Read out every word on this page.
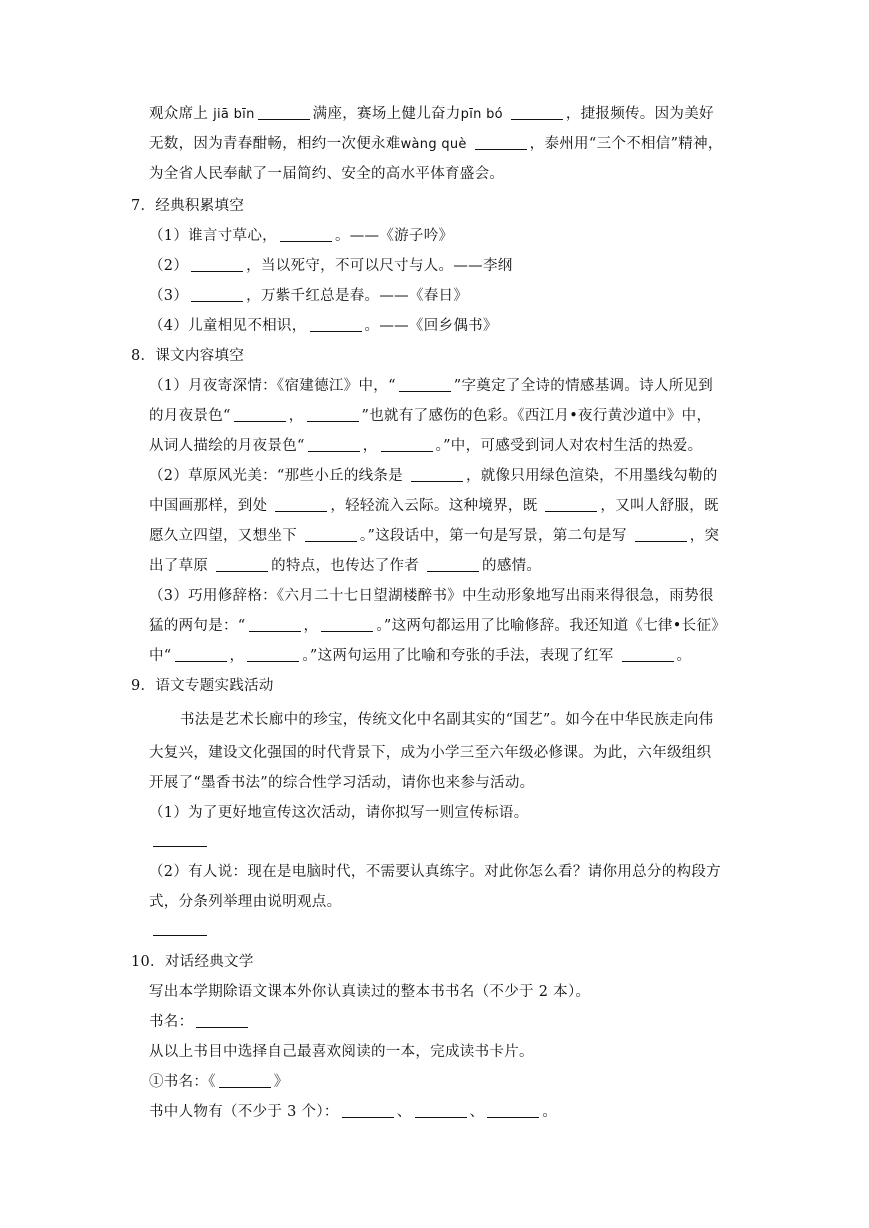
观众席上 jiā bīn	满座，赛场上健儿奋力pīn bó	，捷报频传。因为美好
无数，因为青春酣畅，相约一次便永难wàng què	，泰州用“三个不相信”精神，
为全省人民奉献了一届简约、安全的高水平体育盛会。
7．经典积累填空
（1）谁言寸草心，	。——《游子吟》
（2）	，当以死守，不可以尺寸与人。——李纲
（3）	，万紫千红总是春。——《春日》
（4）儿童相见不相识，	。——《回乡偶书》
8．课文内容填空
（1）月夜寄深情：《宿建德江》中，“	”字奠定了全诗的情感基调。诗人所见到
的月夜景色“	，	”也就有了感伤的色彩。《西江月•夜行黄沙道中》中，
从词人描绘的月夜景色“	，	。”中，可感受到词人对农村生活的热爱。
（2）草原风光美：“那些小丘的线条是	，就像只用绿色渲染，不用墨线勾勒的
中国画那样，到处	，轻轻流入云际。这种境界，既	，又叫人舒服，既
愿久立四望，又想坐下	。”这段话中，第一句是写景，第二句是写	，突
出了草原	的特点，也传达了作者	的感情。
（3）巧用修辞格：《六月二十七日望湖楼醉书》中生动形象地写出雨来得很急，雨势很
猛的两句是：“	，	。”这两句都运用了比喻修辞。我还知道《七律•长征》
中“	，	。”这两句运用了比喻和夸张的手法，表现了红军	。
9．语文专题实践活动
书法是艺术长廊中的珍宝，传统文化中名副其实的“国艺”。如今在中华民族走向伟
大复兴，建设文化强国的时代背景下，成为小学三至六年级必修课。为此，六年级组织
开展了“墨香书法”的综合性学习活动，请你也来参与活动。
（1）为了更好地宣传这次活动，请你拟写一则宣传标语。
（2）有人说：现在是电脑时代，不需要认真练字。对此你怎么看？请你用总分的构段方
式，分条列举理由说明观点。
10．对话经典文学
写出本学期除语文课本外你认真读过的整本书书名（不少于 2 本）。
书名：
从以上书目中选择自己最喜欢阅读的一本，完成读书卡片。
①书名：《	》
书中人物有（不少于 3 个）：	、	、	。
